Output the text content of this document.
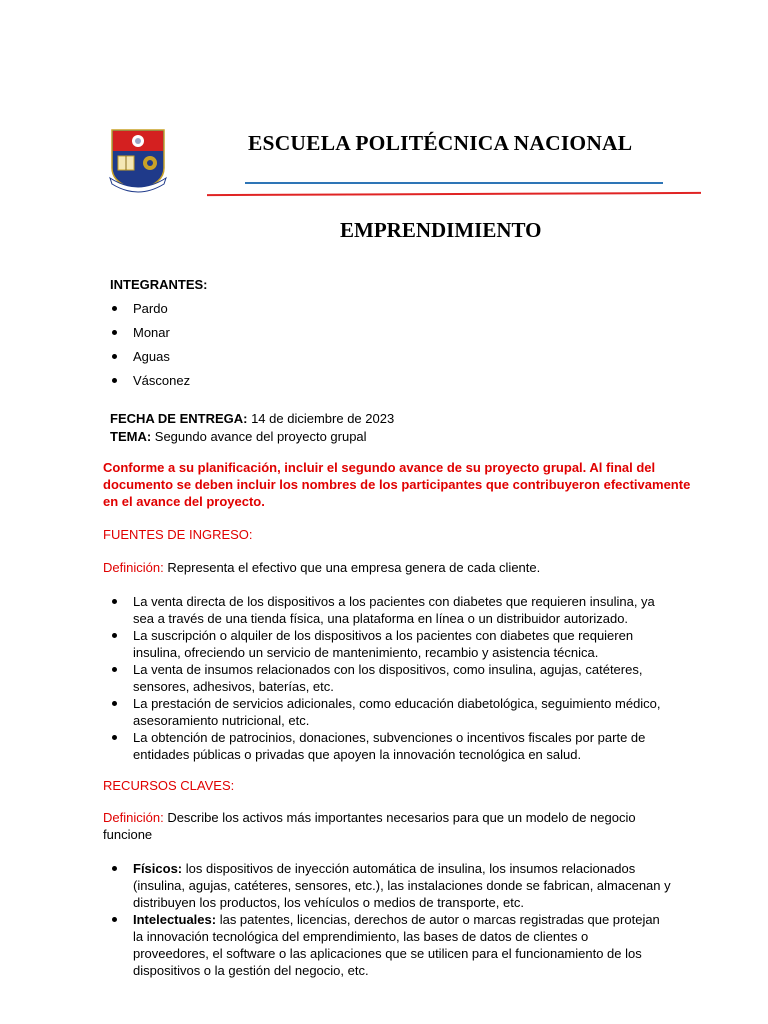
ESCUELA POLITÉCNICA NACIONAL
EMPRENDIMIENTO
INTEGRANTES:
Pardo
Monar
Aguas
Vásconez
FECHA DE ENTREGA: 14 de diciembre de 2023
TEMA: Segundo avance del proyecto grupal
Conforme a su planificación, incluir el segundo avance de su proyecto grupal. Al final del
documento se deben incluir los nombres de los participantes que contribuyeron efectivamente
en el avance del proyecto.
FUENTES DE INGRESO:
Definición: Representa el efectivo que una empresa genera de cada cliente.
La venta directa de los dispositivos a los pacientes con diabetes que requieren insulina, ya
sea a través de una tienda física, una plataforma en línea o un distribuidor autorizado.
La suscripción o alquiler de los dispositivos a los pacientes con diabetes que requieren
insulina, ofreciendo un servicio de mantenimiento, recambio y asistencia técnica.
La venta de insumos relacionados con los dispositivos, como insulina, agujas, catéteres,
sensores, adhesivos, baterías, etc.
La prestación de servicios adicionales, como educación diabetológica, seguimiento médico,
asesoramiento nutricional, etc.
La obtención de patrocinios, donaciones, subvenciones o incentivos fiscales por parte de
entidades públicas o privadas que apoyen la innovación tecnológica en salud.
RECURSOS CLAVES:
Definición: Describe los activos más importantes necesarios para que un modelo de negocio
funcione
Físicos: los dispositivos de inyección automática de insulina, los insumos relacionados
(insulina, agujas, catéteres, sensores, etc.), las instalaciones donde se fabrican, almacenan y
distribuyen los productos, los vehículos o medios de transporte, etc.
Intelectuales: las patentes, licencias, derechos de autor o marcas registradas que protejan
la innovación tecnológica del emprendimiento, las bases de datos de clientes o
proveedores, el software o las aplicaciones que se utilicen para el funcionamiento de los
dispositivos o la gestión del negocio, etc.
